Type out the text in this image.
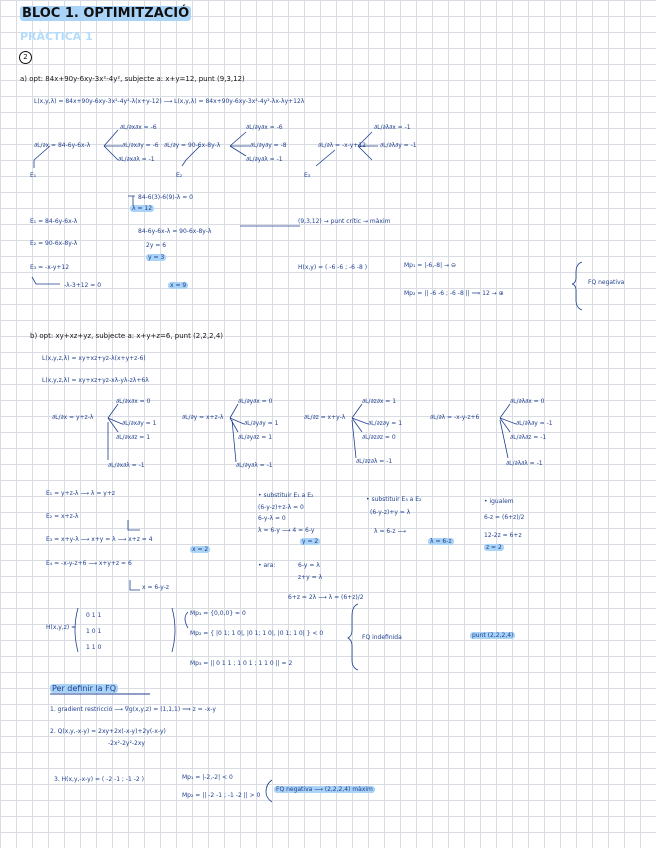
BLOC 1. OPTIMITZACIÓ
PRÀCTICA 1
2
a) opt: 84x+90y-6xy-3x²-4y², subjecte a: x+y=12, punt (9,3,12)
L(x,y,λ) = 84x+90y-6xy-3x²-4y²-λ(x+y-12) ⟶ L(x,y,λ) = 84x+90y-6xy-3x²-4y²-λx-λy+12λ
∂L/∂x∂x = -6
∂L/∂x = 84-6y-6x-λ	∂L/∂x∂y = -6
∂L/∂x∂λ = -1
E₁
∂L/∂y∂x = -6
∂L/∂y = 90-6x-8y-λ	∂L/∂y∂y = -8
∂L/∂y∂λ = -1
E₂
∂L/∂λ∂x = -1
∂L/∂λ = -x-y+12 ∂L/∂λ∂y = -1
E₃
84-6(3)-6(9)-λ = 0
λ = 12
E₁ = 84-6y-6x-λ
84-6y-6x-λ = 90-6x-8y-λ
(9,3,12) → punt crític → màxim
E₂ = 90-6x-8y-λ	2y = 6
y = 3
E₃ = -x-y+12
-λ-3+12 = 0	x = 9
H(x,y) = ( -6 -6 ; -6 -8 )	Mp₁ = |-6,-8| → ⊖
Mp₂ = || -6 -6 ; -6 -8 || ⟹ 12 → ⊕
FQ negativa
b) opt: xy+xz+yz, subjecte a: x+y+z=6, punt (2,2,2,4)
L(x,y,z,λ) = xy+xz+yz-λ(x+y+z-6)
L(x,y,z,λ) = xy+xz+yz-xλ-yλ-zλ+6λ
∂L/∂x∂x = 0
∂L/∂x = y+z-λ
∂L/∂x∂y = 1
∂L/∂x∂z = 1
∂L/∂x∂λ = -1
∂L/∂y∂x = 0
∂L/∂y = x+z-λ
∂L/∂y∂y = 1
∂L/∂y∂z = 1
∂L/∂y∂λ = -1
∂L/∂z∂x = 1
∂L/∂z = x+y-λ
∂L/∂z∂y = 1
∂L/∂z∂z = 0
∂L/∂z∂λ = -1
∂L/∂λ∂x = 0
∂L/∂λ = -x-y-z+6
∂L/∂λ∂y = -1
∂L/∂λ∂z = -1
∂L/∂λ∂λ = -1
E₁ = y+z-λ ⟶ λ = y+z
E₂ = x+z-λ
E₃ = x+y-λ ⟶ x+y = λ ⟶ x+z = 4
x = 2
E₄ = -x-y-z+6 ⟶ x+y+z = 6
x = 6-y-z
• substituir E₁ a E₂
(6-y-z)+z-λ = 0
6-y-λ = 0
λ = 6-y ⟶ 4 = 6-y
y = 2
• substituir E₃ a E₂
(6-y-z)+y = λ
λ = 6-z ⟶
λ = 6-z
• igualem
6-z = (6+z)/2
12-2z = 6+z
z = 2
• ara:	6-y = λ
z+y = λ
6+z = 2λ ⟶ λ = (6+z)/2
H(x,y,z) =
0 1 1
1 0 1
1 1 0
Mp₁ = {0,0,0} = 0
Mp₂ = { |0 1; 1 0|, |0 1; 1 0|, |0 1; 1 0| } < 0
Mp₃ = || 0 1 1 ; 1 0 1 ; 1 1 0 || = 2
FQ indefinida	punt (2,2,2,4)
Per definir la FQ
1. gradient restricció ⟶ ∇g(x,y,z) = (1,1,1) ⟹ z = -x-y
2. Q(x,y,-x-y) = 2xy+2x(-x-y)+2y(-x-y)
-2x²-2y²-2xy
3. H(x,y,-x-y) = ( -2 -1 ; -1 -2 )	Mp₁ = |-2,-2| < 0
Mp₂ = || -2 -1 ; -1 -2 || > 0
FQ negativa ⟶ (2,2,2,4) màxim
